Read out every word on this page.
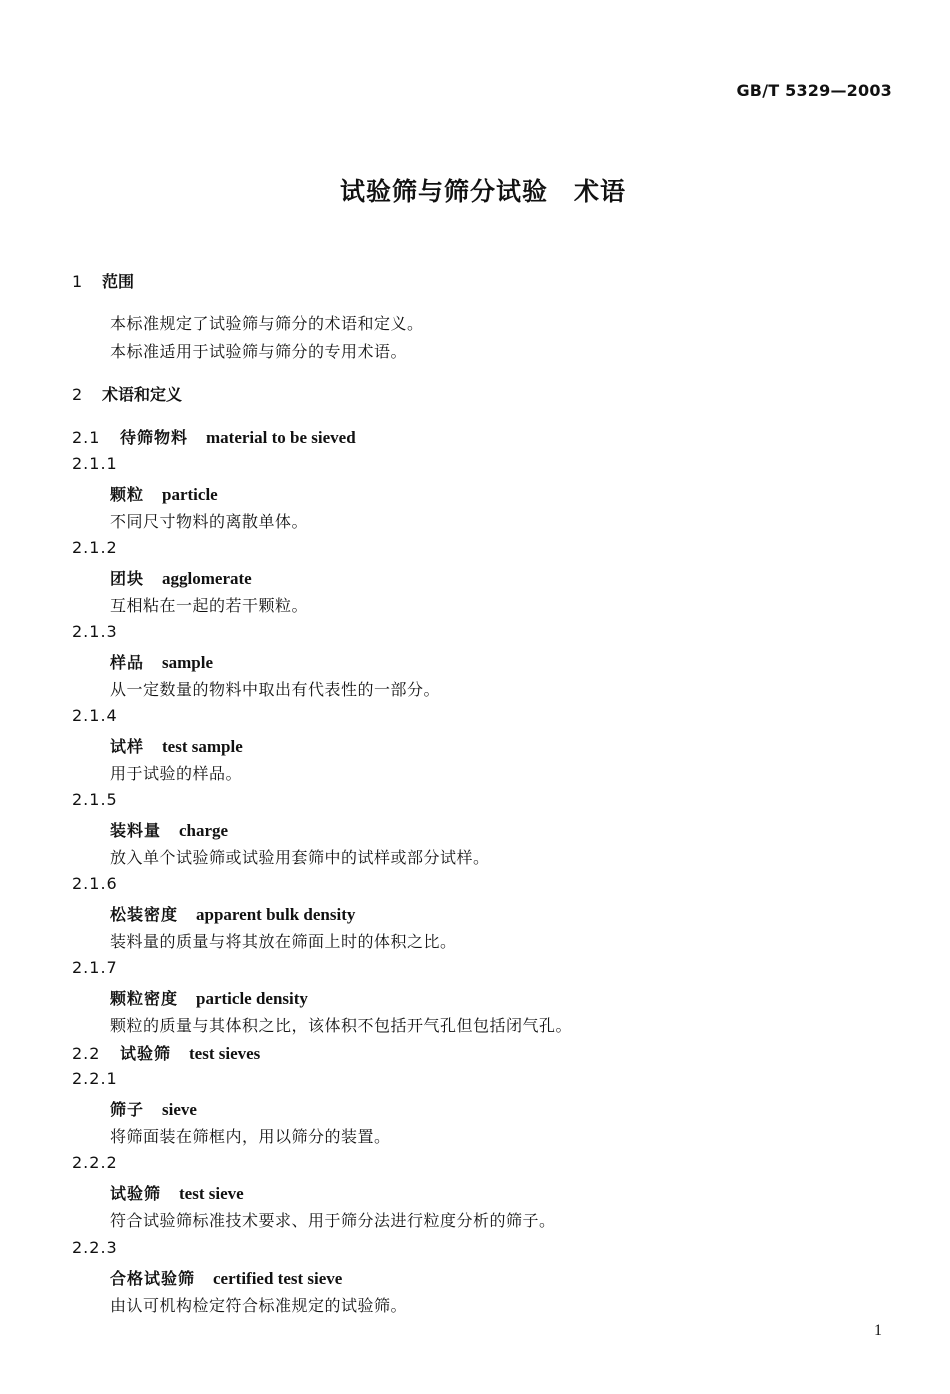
GB/T 5329—2003
试验筛与筛分试验　术语
1 范围
本标准规定了试验筛与筛分的术语和定义。
本标准适用于试验筛与筛分的专用术语。
2 术语和定义
2.1 待筛物料 material to be sieved
2.1.1
颗粒 particle
不同尺寸物料的离散单体。
2.1.2
团块 agglomerate
互相粘在一起的若干颗粒。
2.1.3
样品 sample
从一定数量的物料中取出有代表性的一部分。
2.1.4
试样 test sample
用于试验的样品。
2.1.5
装料量 charge
放入单个试验筛或试验用套筛中的试样或部分试样。
2.1.6
松装密度 apparent bulk density
装料量的质量与将其放在筛面上时的体积之比。
2.1.7
颗粒密度 particle density
颗粒的质量与其体积之比，该体积不包括开气孔但包括闭气孔。
2.2 试验筛 test sieves
2.2.1
筛子 sieve
将筛面装在筛框内，用以筛分的装置。
2.2.2
试验筛 test sieve
符合试验筛标准技术要求、用于筛分法进行粒度分析的筛子。
2.2.3
合格试验筛 certified test sieve
由认可机构检定符合标准规定的试验筛。
1
